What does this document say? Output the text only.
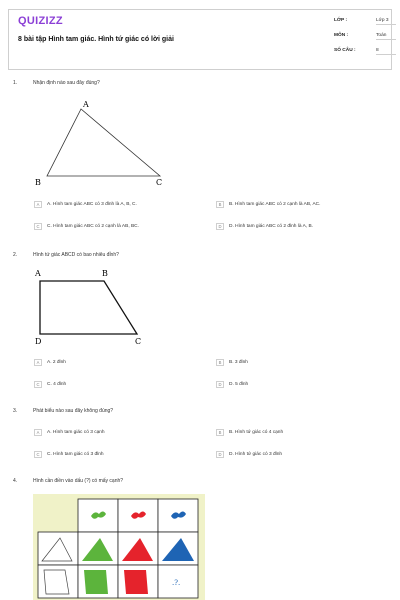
QUIZIZZ
8 bài tập Hình tam giác. Hình tứ giác có lời giải
LỚP :	Lớp 3
MÔN :	Toán
SỐ CÂU :	8
1.	Nhận định nào sau đây đúng?
A
B	C
A	A. Hình tam giác ABC có 3 đỉnh là A, B, C.	B	B. Hình tam giác ABC có 2 cạnh là AB, AC.
C	C. Hình tam giác ABC có 2 cạnh là AB, BC.	D	D. Hình tam giác ABC có 2 đỉnh là A, B.
2.	Hình tứ giác ABCD có bao nhiêu đỉnh?
A	B
C
D
A	A. 2 đỉnh	B	B. 3 đỉnh
C	C. 4 đỉnh	D	D. 5 đỉnh
3.	Phát biểu nào sau đây không đúng?
A	A. Hình tam giác có 3 cạnh	B	B. Hình tứ giác có 4 cạnh
C	C. Hình tam giác có 3 đỉnh	D	D. Hình tứ giác có 3 đỉnh
4.	Hình cần điền vào dấu (?) có mấy cạnh?
.?.
